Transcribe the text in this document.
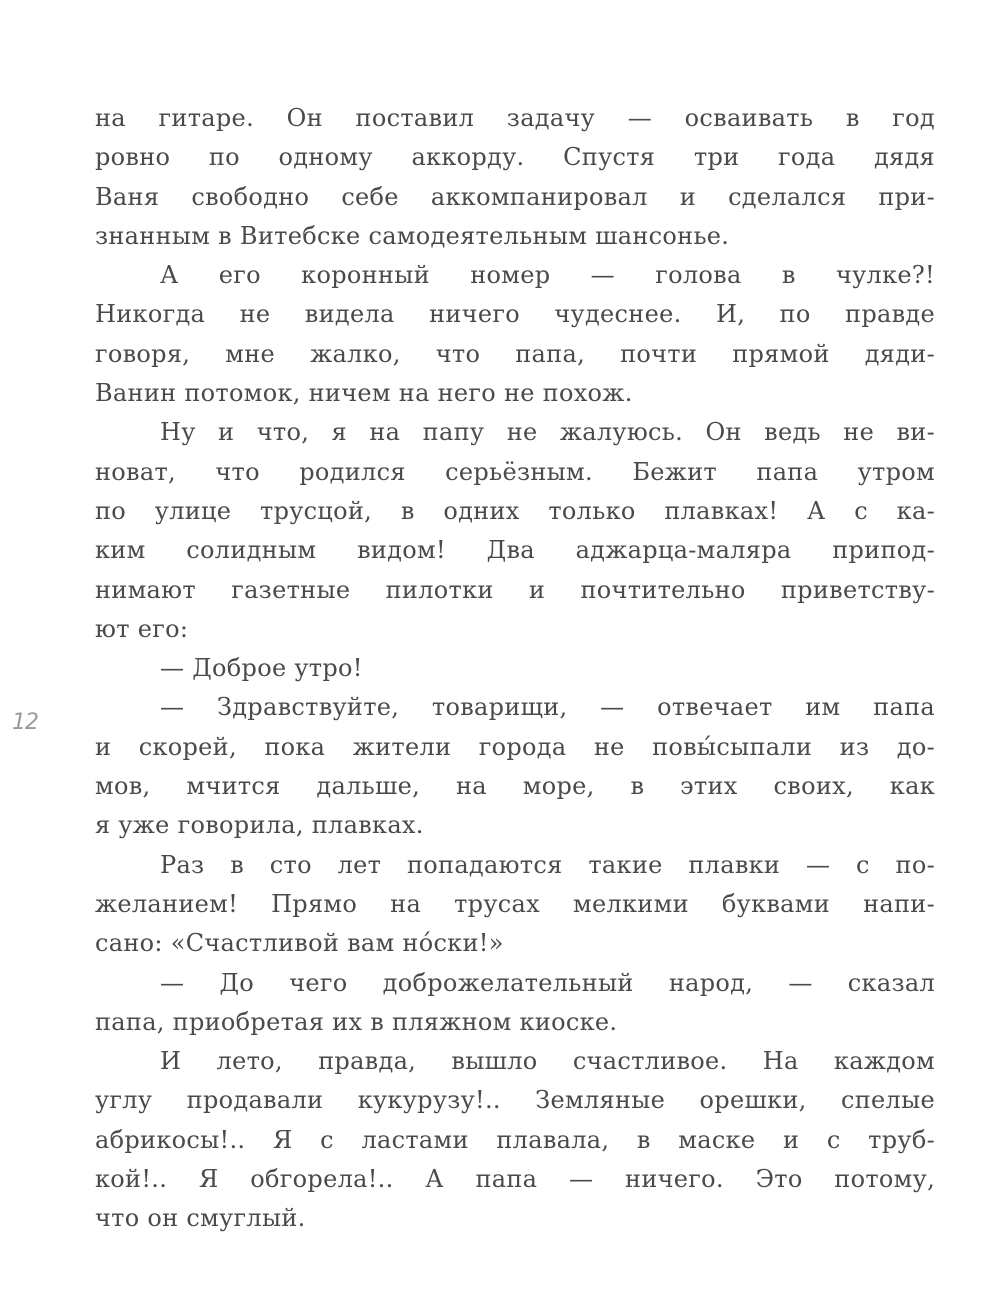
12
на гитаре. Он поставил задачу — осваивать в год
ровно по одному аккорду. Спустя три года дядя
Ваня свободно себе аккомпанировал и сделался при-
знанным в Витебске самодеятельным шансонье.
А его коронный номер — голова в чулке?!
Никогда не видела ничего чудеснее. И, по правде
говоря, мне жалко, что папа, почти прямой дяди-
Ванин потомок, ничем на него не похож.
Ну и что, я на папу не жалуюсь. Он ведь не ви-
новат, что родился серьёзным. Бежит папа утром
по улице трусцой, в одних только плавках! А с ка-
ким солидным видом! Два аджарца-маляра припод-
нимают газетные пилотки и почтительно приветству-
ют его:
— Доброе утро!
— Здравствуйте, товарищи, — отвечает им папа
и скорей, пока жители города не повы́сыпали из до-
мов, мчится дальше, на море, в этих своих, как
я уже говорила, плавках.
Раз в сто лет попадаются такие плавки — с по-
желанием! Прямо на трусах мелкими буквами напи-
сано: «Счастливой вам но́ски!»
— До чего доброжелательный народ, — сказал
папа, приобретая их в пляжном киоске.
И лето, правда, вышло счастливое. На каждом
углу продавали кукурузу!.. Земляные орешки, спелые
абрикосы!.. Я с ластами плавала, в маске и с труб-
кой!.. Я обгорела!.. А папа — ничего. Это потому,
что он смуглый.
